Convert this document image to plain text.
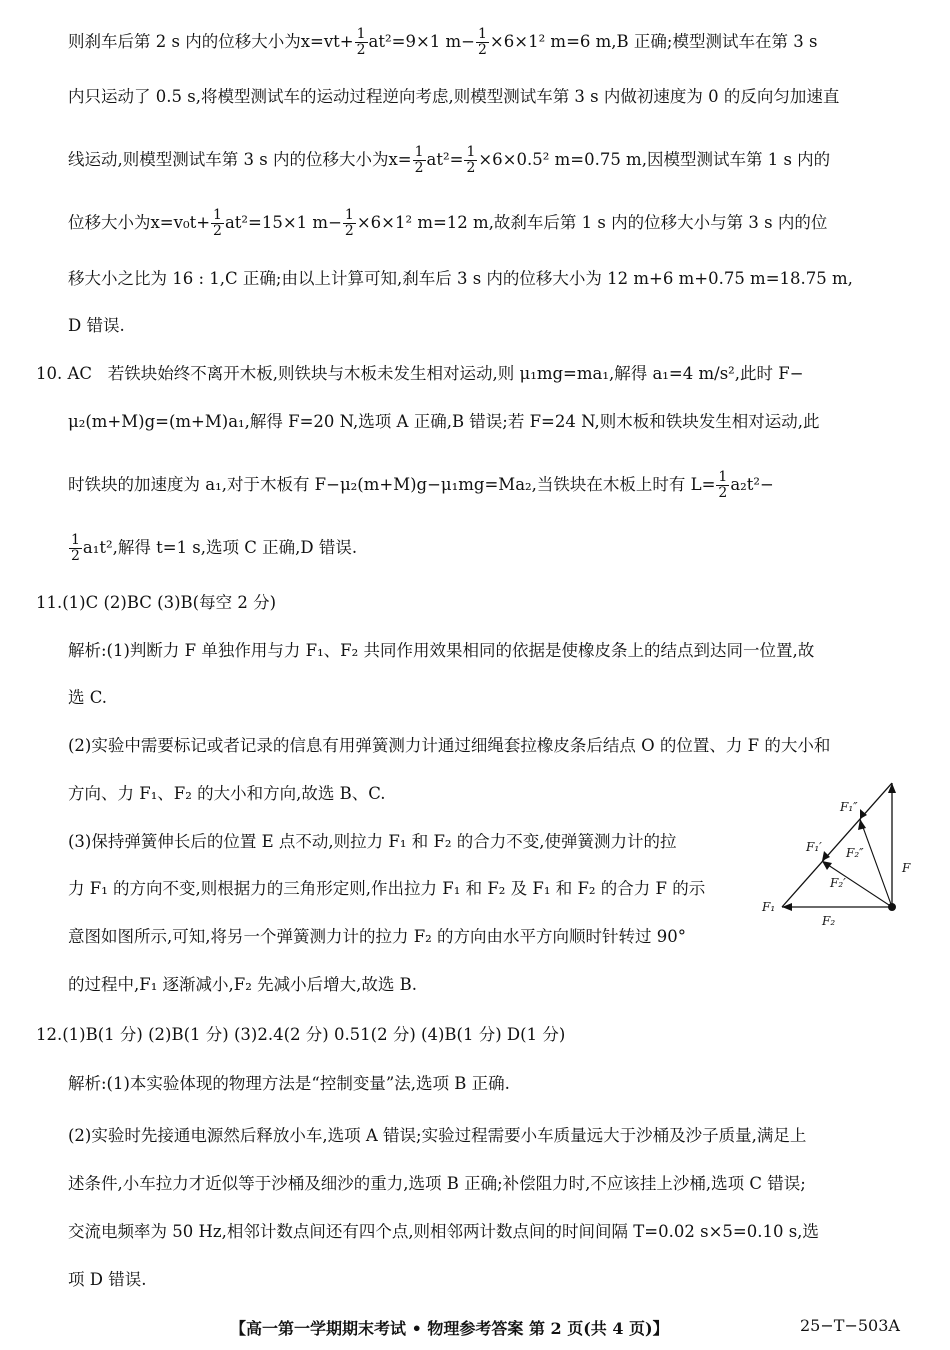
则刹车后第 2 s 内的位移大小为$x=vt+ \frac{1}{2} at^2=9\times 1$ $m- \frac{1}{2} \times 6\times 1^2$ m=6 m,B 正确;模型测试车在第 3 s
内只运动了 0.5 s,将模型测试车的运动过程逆向考虑,则模型测试车第 3 s 内做初速度为 0 的反向匀加速直
线运动,则模型测试车第 3 s 内的位移大小为$x= \frac{1}{2} at^2= \frac{1}{2} \times 6\times 0.5^2$ m=0.75 m,因模型测试车第 1 s 内的
位移大小为$x=v_0t+ \frac{1}{2} at^2=15\times 1$ $m- \frac{1}{2} \times 6\times 1^2$ m=12 m,故刹车后第 1 s 内的位移大小与第 3 s 内的位
移大小之比为 16 : 1,C 正确;由以上计算可知,刹车后 3 s 内的位移大小为 12 m+6 m+0.75 m=18.75 m,
D 错误.
10. AC 若铁块始终不离开木板,则铁块与木板未发生相对运动,则 μ₁mg=ma₁,解得 a₁=4 m/s²,此时 F−
μ₂(m+M)g=(m+M)a₁,解得 F=20 N,选项 A 正确,B 错误;若 F=24 N,则木板和铁块发生相对运动,此
时铁块的加速度为 a₁,对于木板有 F−μ₂(m+M)g−μ₁mg=Ma₂,当铁块在木板上时有 $L= \frac{1}{2} a_2t^2-$
$\frac{1}{2} a_1t^2$,解得 t=1 s,选项 C 正确,D 错误.
11.(1)C (2)BC (3)B(每空 2 分)
解析:(1)判断力 F 单独作用与力 F₁、F₂ 共同作用效果相同的依据是使橡皮条上的结点到达同一位置,故
选 C.
(2)实验中需要标记或者记录的信息有用弹簧测力计通过细绳套拉橡皮条后结点 O 的位置、力 F 的大小和
方向、力 F₁、F₂ 的大小和方向,故选 B、C.
(3)保持弹簧伸长后的位置 E 点不动,则拉力 F₁ 和 F₂ 的合力不变,使弹簧测力计的拉
力 F₁ 的方向不变,则根据力的三角形定则,作出拉力 F₁ 和 F₂ 及 F₁ 和 F₂ 的合力 F 的示
意图如图所示,可知,将另一个弹簧测力计的拉力 F₂ 的方向由水平方向顺时针转过 90°
的过程中,F₁ 逐渐减小,F₂ 先减小后增大,故选 B.
F₁″
F₁′ F₂″
F₂′
F
F₁
F₂
12.(1)B(1 分) (2)B(1 分) (3)2.4(2 分) 0.51(2 分) (4)B(1 分) D(1 分)
解析:(1)本实验体现的物理方法是“控制变量”法,选项 B 正确.
(2)实验时先接通电源然后释放小车,选项 A 错误;实验过程需要小车质量远大于沙桶及沙子质量,满足上
述条件,小车拉力才近似等于沙桶及细沙的重力,选项 B 正确;补偿阻力时,不应该挂上沙桶,选项 C 错误;
交流电频率为 50 Hz,相邻计数点间还有四个点,则相邻两计数点间的时间间隔 T=0.02 s×5=0.10 s,选
项 D 错误.
【高一第一学期期末考试 • 物理参考答案 第 2 页(共 4 页)】	25−T−503A
